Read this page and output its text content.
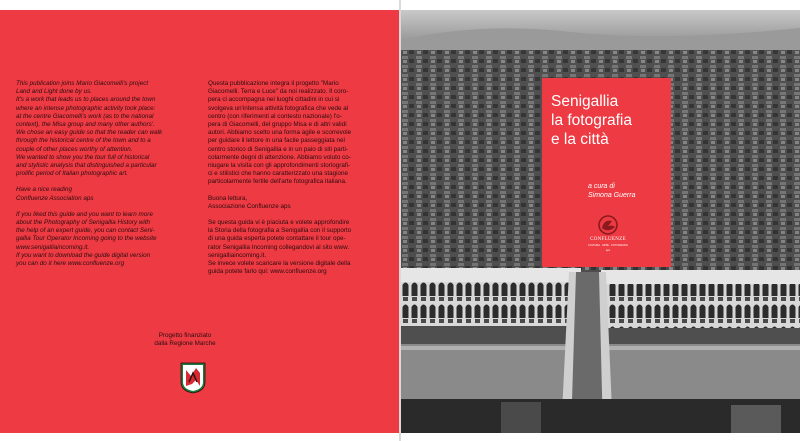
This publication joins Mario Giacomelli's project
Land and Light done by us.
It's a work that leads us to places around the town
where an intense photographic activity took place:
at the centre Giacomelli's work (as to the national
context), the Misa group and many other authors'.
We chose an easy guide so that the reader can walk
through the historical centre of the town and to a
couple of other places worthy of attention.
We wanted to show you the tour full of historical
and stylistic analysis that distinguished a particular
prolific period of Italian photographic art.

Have a nice reading
Confluenze Association aps

If you liked this guide and you want to learn more
about the Photography of Senigallia History with
the help of an expert guide, you can contact Seni-
gallia Tour Operator Incoming going to the website
www.senigalliaincoming.it.
If you want to download the guide digital version
you can do it here www.confluenze.org

Questa pubblicazione integra il progetto "Mario
Giacomelli. Terra e Luce" da noi realizzato. Il coro-
pera ci accompagna nei luoghi cittadini in cui si
svolgeva un'intensa attività fotografica che vede al
centro (con riferimenti al contesto nazionale) l'o-
pera di Giacomelli, del gruppo Misa e di altri validi
autori. Abbiamo scelto una forma agile e scorrevole
per guidare il lettore in una facile passeggiata nel
centro storico di Senigallia e in un paio di siti parti-
colarmente degni di attenzione. Abbiamo voluto co-
niugare la visita con gli approfondimenti storiografi-
ci e stilistici che hanno caratterizzato una stagione
particolarmente fertile dell'arte fotografica italiana.

Buona lettura,
Associazione Confluenze aps

Se questa guida vi è piaciuta e volete approfondire
la Storia della fotografia a Senigallia con il supporto
di una guida esperta potete contattare il tour ope-
rator Senigallia Incoming collegandovi al sito www.
senigalliaincoming.it.
Se invece volete scaricare la versione digitale della
guida potete farlo qui: www.confluenze.org

Progetto finanziato
dalla Regione Marche
Senigallia
la fotografia
e la città
a cura di
Simona Guerra
CONFLUENZE
CULTURA · ARTE · FOTOGRAFIA
aps
